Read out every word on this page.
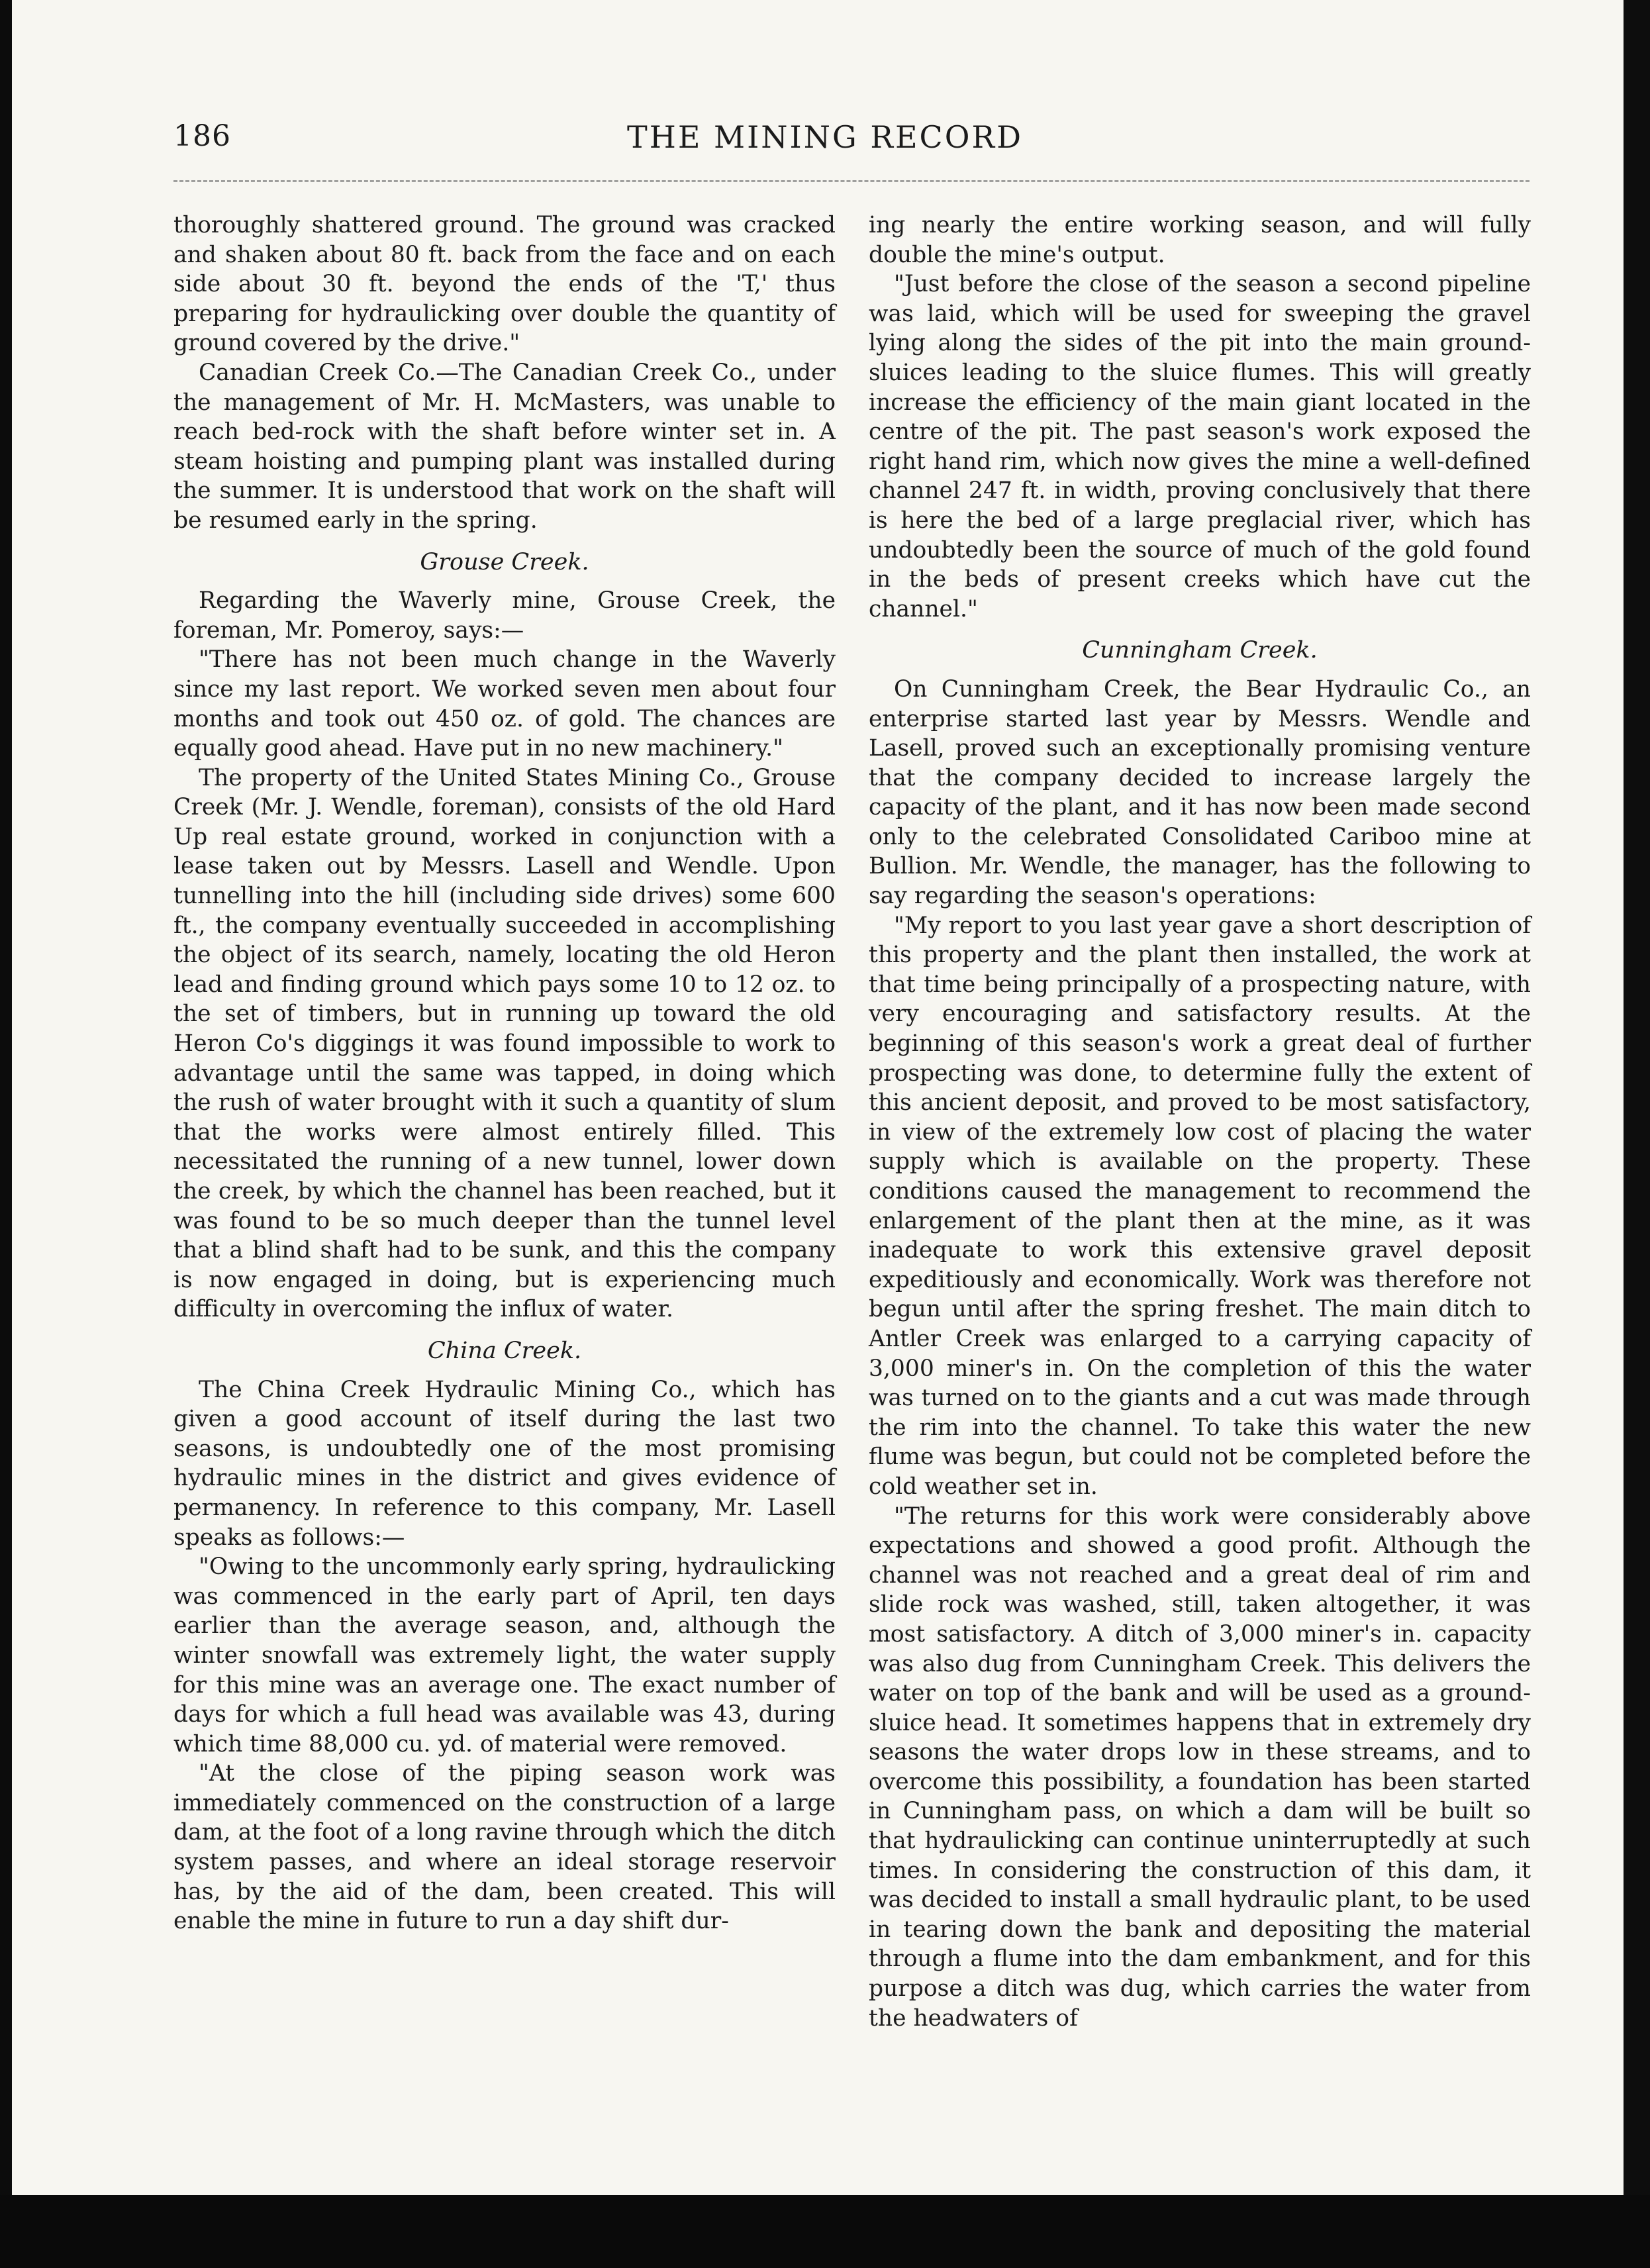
186	THE MINING RECORD

thoroughly shattered ground. The ground was cracked and shaken about 80 ft. back from the face and on each side about 30 ft. beyond the ends of the 'T,' thus preparing for hydraulicking over double the quantity of ground covered by the drive."

Canadian Creek Co.—The Canadian Creek Co., under the management of Mr. H. McMasters, was unable to reach bed-rock with the shaft before winter set in. A steam hoisting and pumping plant was installed during the summer. It is understood that work on the shaft will be resumed early in the spring.

Grouse Creek.

Regarding the Waverly mine, Grouse Creek, the foreman, Mr. Pomeroy, says:—

"There has not been much change in the Waverly since my last report. We worked seven men about four months and took out 450 oz. of gold. The chances are equally good ahead. Have put in no new machinery."

The property of the United States Mining Co., Grouse Creek (Mr. J. Wendle, foreman), consists of the old Hard Up real estate ground, worked in conjunction with a lease taken out by Messrs. Lasell and Wendle. Upon tunnelling into the hill (including side drives) some 600 ft., the company eventually succeeded in accomplishing the object of its search, namely, locating the old Heron lead and finding ground which pays some 10 to 12 oz. to the set of timbers, but in running up toward the old Heron Co's diggings it was found impossible to work to advantage until the same was tapped, in doing which the rush of water brought with it such a quantity of slum that the works were almost entirely filled. This necessitated the running of a new tunnel, lower down the creek, by which the channel has been reached, but it was found to be so much deeper than the tunnel level that a blind shaft had to be sunk, and this the company is now engaged in doing, but is experiencing much difficulty in overcoming the influx of water.

China Creek.

The China Creek Hydraulic Mining Co., which has given a good account of itself during the last two seasons, is undoubtedly one of the most promising hydraulic mines in the district and gives evidence of permanency. In reference to this company, Mr. Lasell speaks as follows:—

"Owing to the uncommonly early spring, hydraulicking was commenced in the early part of April, ten days earlier than the average season, and, although the winter snowfall was extremely light, the water supply for this mine was an average one. The exact number of days for which a full head was available was 43, during which time 88,000 cu. yd. of material were removed.

"At the close of the piping season work was immediately commenced on the construction of a large dam, at the foot of a long ravine through which the ditch system passes, and where an ideal storage reservoir has, by the aid of the dam, been created. This will enable the mine in future to run a day shift dur-

ing nearly the entire working season, and will fully double the mine's output.

"Just before the close of the season a second pipeline was laid, which will be used for sweeping the gravel lying along the sides of the pit into the main ground-sluices leading to the sluice flumes. This will greatly increase the efficiency of the main giant located in the centre of the pit. The past season's work exposed the right hand rim, which now gives the mine a well-defined channel 247 ft. in width, proving conclusively that there is here the bed of a large preglacial river, which has undoubtedly been the source of much of the gold found in the beds of present creeks which have cut the channel."

Cunningham Creek.

On Cunningham Creek, the Bear Hydraulic Co., an enterprise started last year by Messrs. Wendle and Lasell, proved such an exceptionally promising venture that the company decided to increase largely the capacity of the plant, and it has now been made second only to the celebrated Consolidated Cariboo mine at Bullion. Mr. Wendle, the manager, has the following to say regarding the season's operations:

"My report to you last year gave a short description of this property and the plant then installed, the work at that time being principally of a prospecting nature, with very encouraging and satisfactory results. At the beginning of this season's work a great deal of further prospecting was done, to determine fully the extent of this ancient deposit, and proved to be most satisfactory, in view of the extremely low cost of placing the water supply which is available on the property. These conditions caused the management to recommend the enlargement of the plant then at the mine, as it was inadequate to work this extensive gravel deposit expeditiously and economically. Work was therefore not begun until after the spring freshet. The main ditch to Antler Creek was enlarged to a carrying capacity of 3,000 miner's in. On the completion of this the water was turned on to the giants and a cut was made through the rim into the channel. To take this water the new flume was begun, but could not be completed before the cold weather set in.

"The returns for this work were considerably above expectations and showed a good profit. Although the channel was not reached and a great deal of rim and slide rock was washed, still, taken altogether, it was most satisfactory. A ditch of 3,000 miner's in. capacity was also dug from Cunningham Creek. This delivers the water on top of the bank and will be used as a ground-sluice head. It sometimes happens that in extremely dry seasons the water drops low in these streams, and to overcome this possibility, a foundation has been started in Cunningham pass, on which a dam will be built so that hydraulicking can continue uninterruptedly at such times. In considering the construction of this dam, it was decided to install a small hydraulic plant, to be used in tearing down the bank and depositing the material through a flume into the dam embankment, and for this purpose a ditch was dug, which carries the water from the headwaters of
